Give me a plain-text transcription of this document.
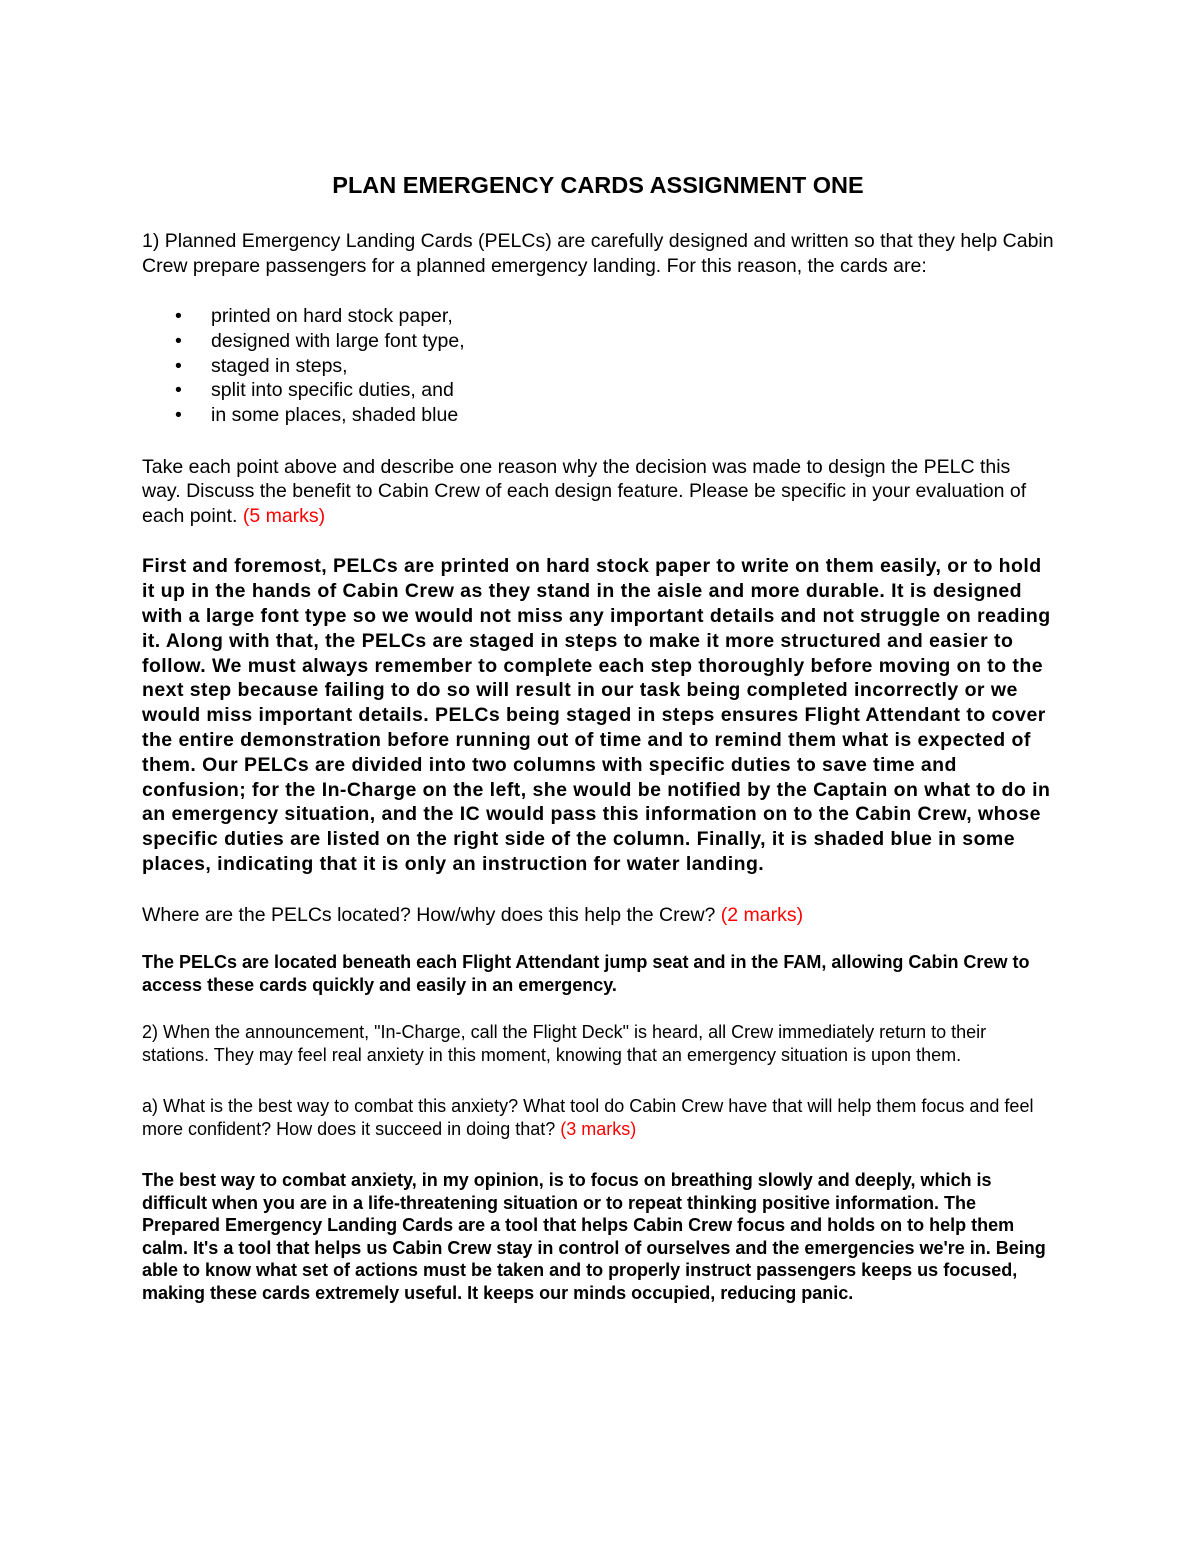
PLAN EMERGENCY CARDS ASSIGNMENT ONE

1) Planned Emergency Landing Cards (PELCs) are carefully designed and written so that they help Cabin Crew prepare passengers for a planned emergency landing. For this reason, the cards are:

• printed on hard stock paper,
• designed with large font type,
• staged in steps,
• split into specific duties, and
• in some places, shaded blue

Take each point above and describe one reason why the decision was made to design the PELC this way. Discuss the benefit to Cabin Crew of each design feature. Please be specific in your evaluation of each point. (5 marks)

First and foremost, PELCs are printed on hard stock paper to write on them easily, or to hold it up in the hands of Cabin Crew as they stand in the aisle and more durable. It is designed with a large font type so we would not miss any important details and not struggle on reading it. Along with that, the PELCs are staged in steps to make it more structured and easier to follow. We must always remember to complete each step thoroughly before moving on to the next step because failing to do so will result in our task being completed incorrectly or we would miss important details. PELCs being staged in steps ensures Flight Attendant to cover the entire demonstration before running out of time and to remind them what is expected of them. Our PELCs are divided into two columns with specific duties to save time and confusion; for the In-Charge on the left, she would be notified by the Captain on what to do in an emergency situation, and the IC would pass this information on to the Cabin Crew, whose specific duties are listed on the right side of the column. Finally, it is shaded blue in some places, indicating that it is only an instruction for water landing.

Where are the PELCs located? How/why does this help the Crew? (2 marks)

The PELCs are located beneath each Flight Attendant jump seat and in the FAM, allowing Cabin Crew to access these cards quickly and easily in an emergency.

2) When the announcement, "In-Charge, call the Flight Deck" is heard, all Crew immediately return to their stations. They may feel real anxiety in this moment, knowing that an emergency situation is upon them.

a) What is the best way to combat this anxiety? What tool do Cabin Crew have that will help them focus and feel more confident? How does it succeed in doing that? (3 marks)

The best way to combat anxiety, in my opinion, is to focus on breathing slowly and deeply, which is difficult when you are in a life-threatening situation or to repeat thinking positive information. The Prepared Emergency Landing Cards are a tool that helps Cabin Crew focus and holds on to help them calm. It's a tool that helps us Cabin Crew stay in control of ourselves and the emergencies we're in. Being able to know what set of actions must be taken and to properly instruct passengers keeps us focused, making these cards extremely useful. It keeps our minds occupied, reducing panic.
